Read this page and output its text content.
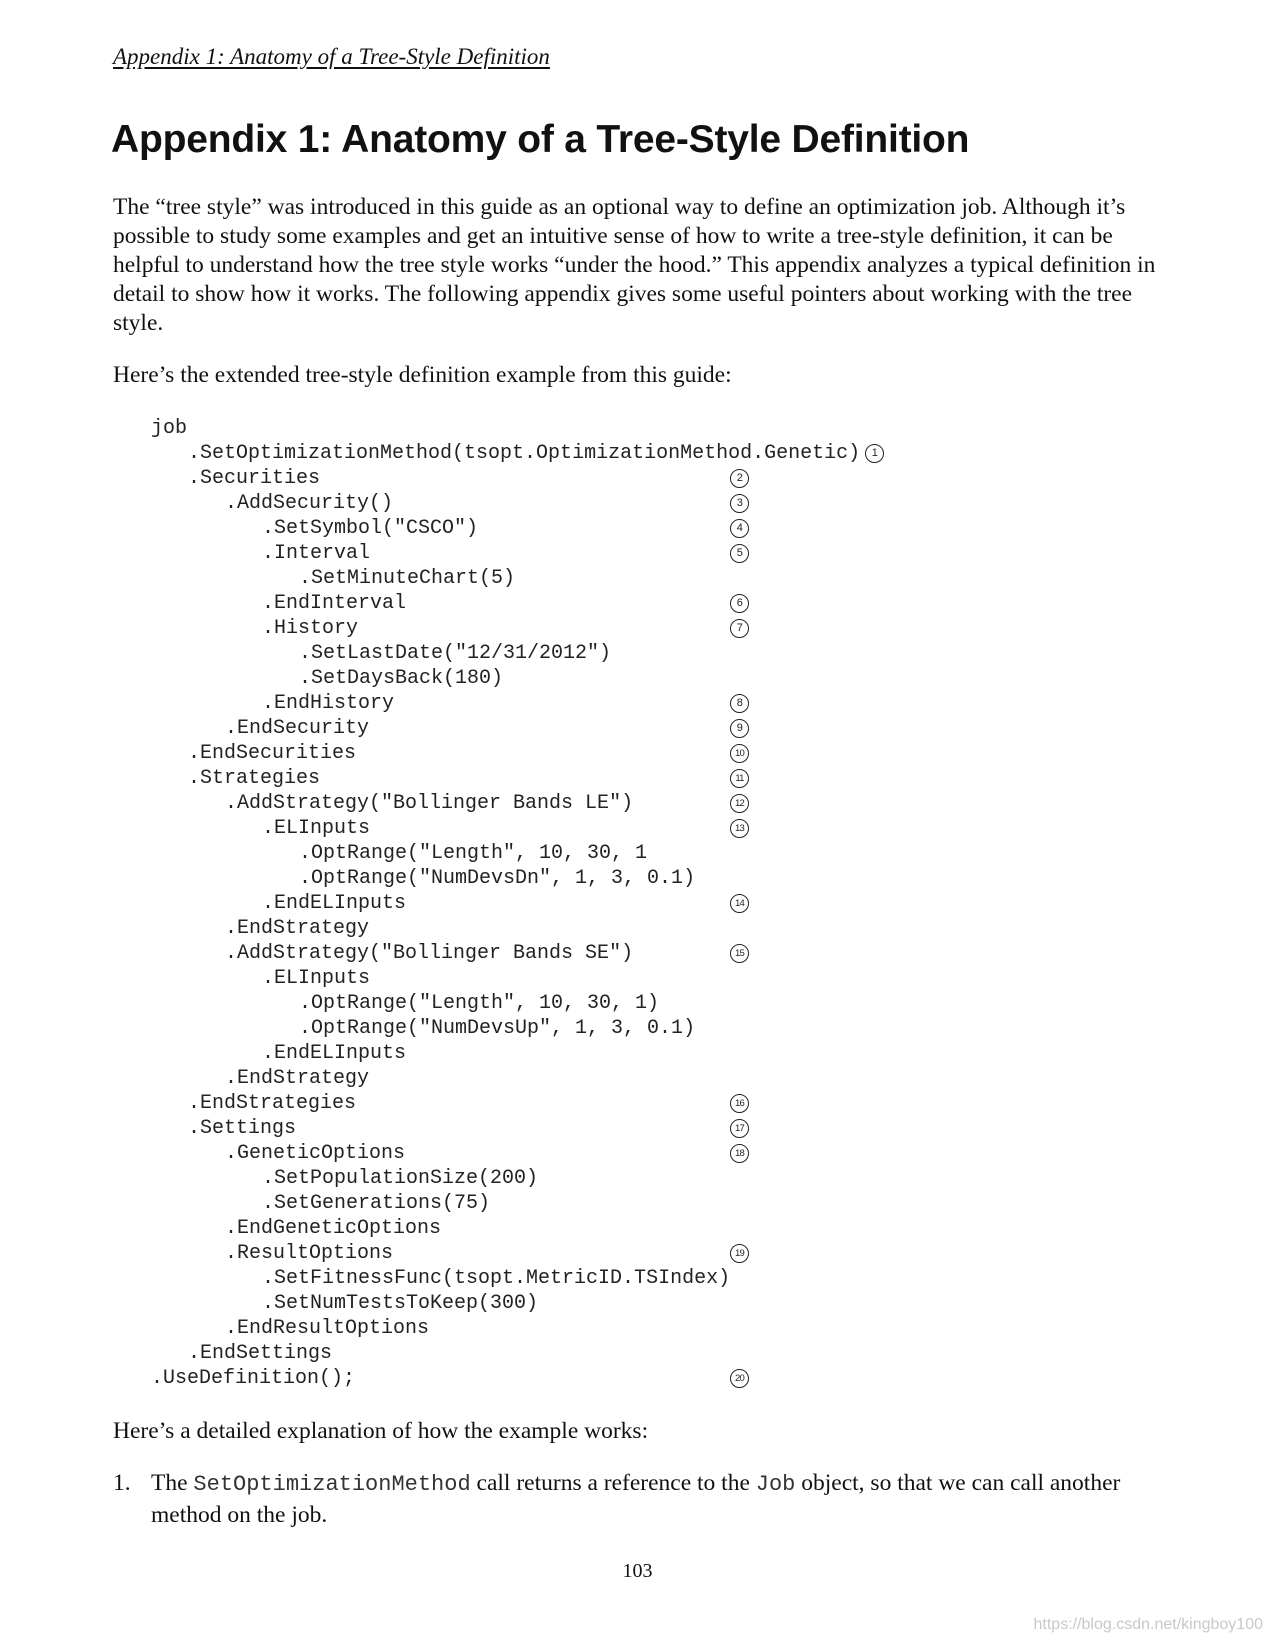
Appendix 1: Anatomy of a Tree-Style Definition
Appendix 1: Anatomy of a Tree-Style Definition

The “tree style” was introduced in this guide as an optional way to define an optimization job. Although it’s possible to study some examples and get an intuitive sense of how to write a tree-style definition, it can be helpful to understand how the tree style works “under the hood.” This appendix analyzes a typical definition in detail to show how it works. The following appendix gives some useful pointers about working with the tree style.

Here’s the extended tree-style definition example from this guide:

job
.SetOptimizationMethod(tsopt.OptimizationMethod.Genetic)	1
.Securities	2
.AddSecurity()	3
.SetSymbol("CSCO")	4
.Interval	5
.SetMinuteChart(5)
.EndInterval	6
.History	7
.SetLastDate("12/31/2012")
.SetDaysBack(180)
.EndHistory	8
.EndSecurity	9
.EndSecurities	10
.Strategies	11
.AddStrategy("Bollinger Bands LE")	12
.ELInputs	13
.OptRange("Length", 10, 30, 1
.OptRange("NumDevsDn", 1, 3, 0.1)
.EndELInputs	14
.EndStrategy
.AddStrategy("Bollinger Bands SE")	15
.ELInputs
.OptRange("Length", 10, 30, 1)
.OptRange("NumDevsUp", 1, 3, 0.1)
.EndELInputs
.EndStrategy
.EndStrategies	16
.Settings	17
.GeneticOptions	18
.SetPopulationSize(200)
.SetGenerations(75)
.EndGeneticOptions
.ResultOptions	19
.SetFitnessFunc(tsopt.MetricID.TSIndex)
.SetNumTestsToKeep(300)
.EndResultOptions
.EndSettings
.UseDefinition();	20

Here’s a detailed explanation of how the example works:

1. The SetOptimizationMethod call returns a reference to the Job object, so that we can call another method on the job.
103
https://blog.csdn.net/kingboy100
